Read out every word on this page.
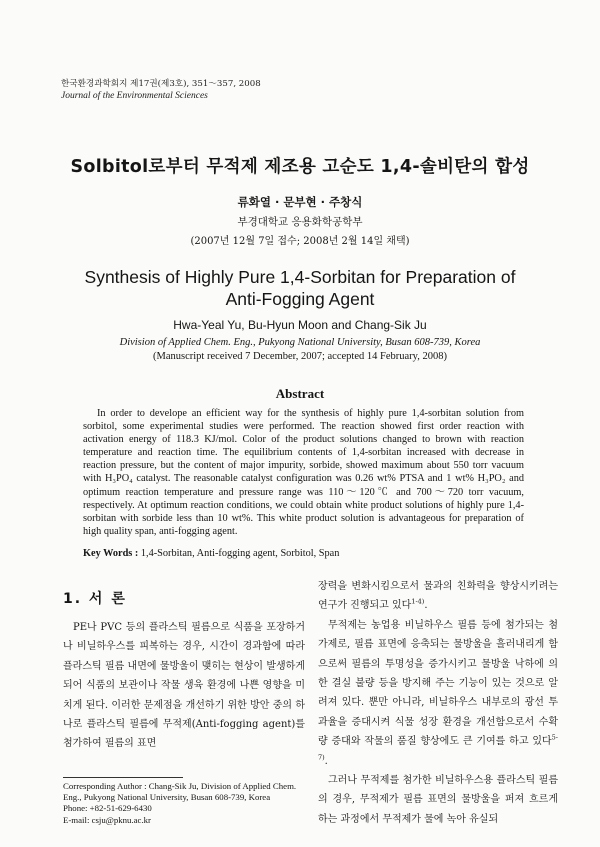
한국환경과학회지 제17권(제3호), 351～357, 2008
Journal of the Environmental Sciences
Solbitol로부터 무적제 제조용 고순도 1,4-솔비탄의 합성
류화열 · 문부현 · 주창식
부경대학교 응용화학공학부
(2007년 12월 7일 접수; 2008년 2월 14일 채택)
Synthesis of Highly Pure 1,4-Sorbitan for Preparation of
Anti-Fogging Agent
Hwa-Yeal Yu, Bu-Hyun Moon and Chang-Sik Ju
Division of Applied Chem. Eng., Pukyong National University, Busan 608-739, Korea
(Manuscript received 7 December, 2007; accepted 14 February, 2008)
Abstract

In order to develope an efficient way for the synthesis of highly pure 1,4-sorbitan solution from sorbitol, some experimental studies were performed. The reaction showed first order reaction with activation energy of 118.3 KJ/mol. Color of the product solutions changed to brown with reaction temperature and reaction time. The equilibrium contents of 1,4-sorbitan increased with decrease in reaction pressure, but the content of major impurity, sorbide, showed maximum about 550 torr vacuum with H₃PO₄ catalyst. The reasonable catalyst configuration was 0.26 wt% PTSA and 1 wt% H₃PO₂ and optimum reaction temperature and pressure range was 110～120℃ and 700～720 torr vacuum, respectively. At optimum reaction conditions, we could obtain white product solutions of highly pure 1,4-sorbitan with sorbide less than 10 wt%. This white product solution is advantageous for preparation of high quality span, anti-fogging agent.

Key Words : 1,4-Sorbitan, Anti-fogging agent, Sorbitol, Span
1. 서 론

PE나 PVC 등의 플라스틱 필름으로 식품을 포장하거나 비닐하우스를 피복하는 경우, 시간이 경과함에 따라 플라스틱 필름 내면에 물방울이 맺히는 현상이 발생하게 되어 식품의 보관이나 작물 생육 환경에 나쁜 영향을 미치게 된다. 이러한 문제점을 개선하기 위한 방안 중의 하나로 플라스틱 필름에 무적제(Anti-fogging agent)를 첨가하여 필름의 표면

장력을 변화시킴으로서 물과의 친화력을 향상시키려는 연구가 진행되고 있다$^{1-4)}$.

무적제는 농업용 비닐하우스 필름 등에 첨가되는 첨가제로, 필름 표면에 응축되는 물방울을 흘러내리게 함으로써 필름의 투명성을 증가시키고 물방울 낙하에 의한 결실 불량 등을 방지해 주는 기능이 있는 것으로 알려져 있다. 뿐만 아니라, 비닐하우스 내부로의 광선 투과율을 증대시켜 식물 성장 환경을 개선함으로서 수확량 증대와 작물의 품질 향상에도 큰 기여를 하고 있다$^{5-7)}$.

그러나 무적제를 첨가한 비닐하우스용 플라스틱 필름의 경우, 무적제가 필름 표면의 물방울을 퍼져 흐르게 하는 과정에서 무적제가 물에 녹아 유실되

Corresponding Author : Chang-Sik Ju, Division of Applied Chem. Eng., Pukyong National University, Busan 608-739, Korea
Phone: +82-51-629-6430
E-mail: csju@pknu.ac.kr
